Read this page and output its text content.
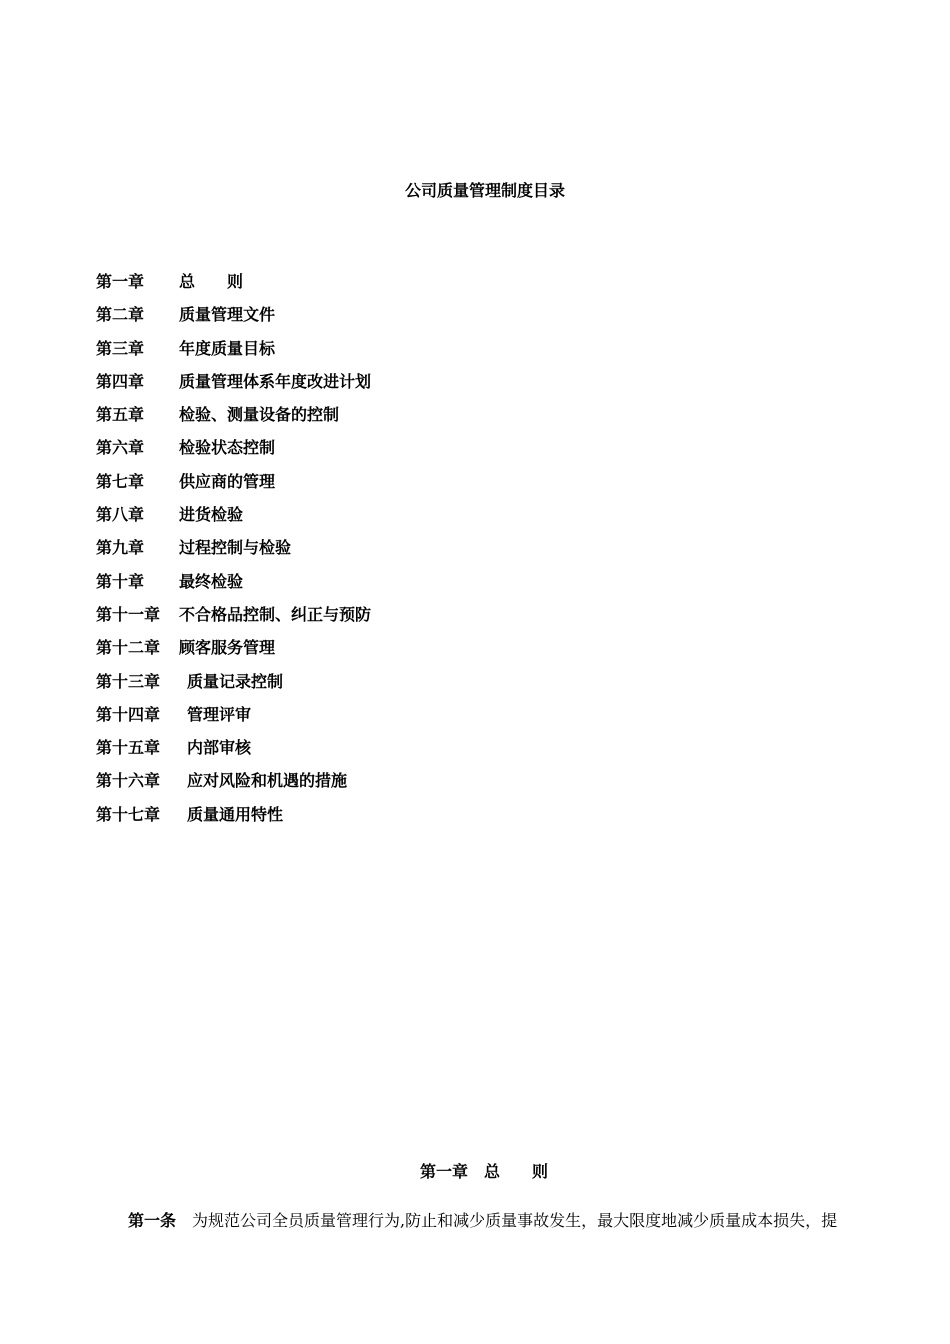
公司质量管理制度目录
第一章	总　　则
第二章	质量管理文件
第三章	年度质量目标
第四章	质量管理体系年度改进计划
第五章	检验、测量设备的控制
第六章	检验状态控制
第七章	供应商的管理
第八章	进货检验
第九章	过程控制与检验
第十章	最终检验
第十一章	不合格品控制、纠正与预防
第十二章	顾客服务管理
第十三章	质量记录控制
第十四章	管理评审
第十五章	内部审核
第十六章	应对风险和机遇的措施
第十七章	质量通用特性
第一章 总　　则
第一条 为规范公司全员质量管理行为,防止和减少质量事故发生，最大限度地减少质量成本损失，提
